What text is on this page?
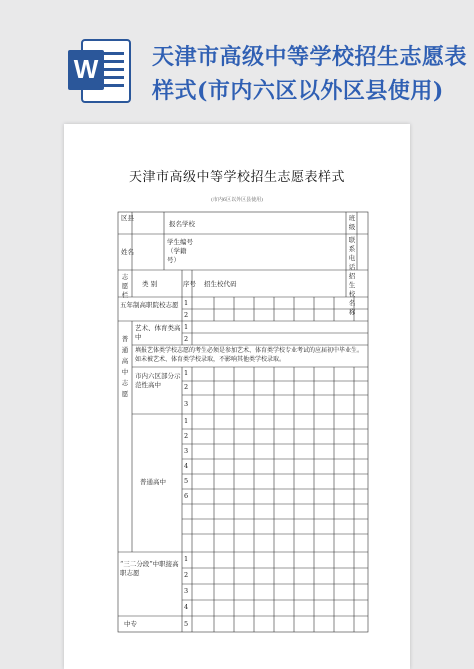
W 天津市高级中等学校招生志愿表样式(市内六区以外区县使用)
天津市高级中等学校招生志愿表样式
(市内6区以外区县使用)
区县
报名学校
班级
姓名
学生编号（学籍号）
联系电话
志愿栏
类 别	序号 招生校代码
招生校名称
五年制高职院校志愿 1
2
普通高中志愿
艺术、体育类高中
1
2
填报艺体类学校志愿的考生必须是参加艺术、体育类学校专业考试的应届初中毕业生。如未被艺术、体育类学校录取，不影响其他类学校录取。
市内六区部分示范性高中
1
2
3
普通高中
1
2
3
4
5
6
“三二分段”中职接高职志愿
1
2
3
4
中专	5
